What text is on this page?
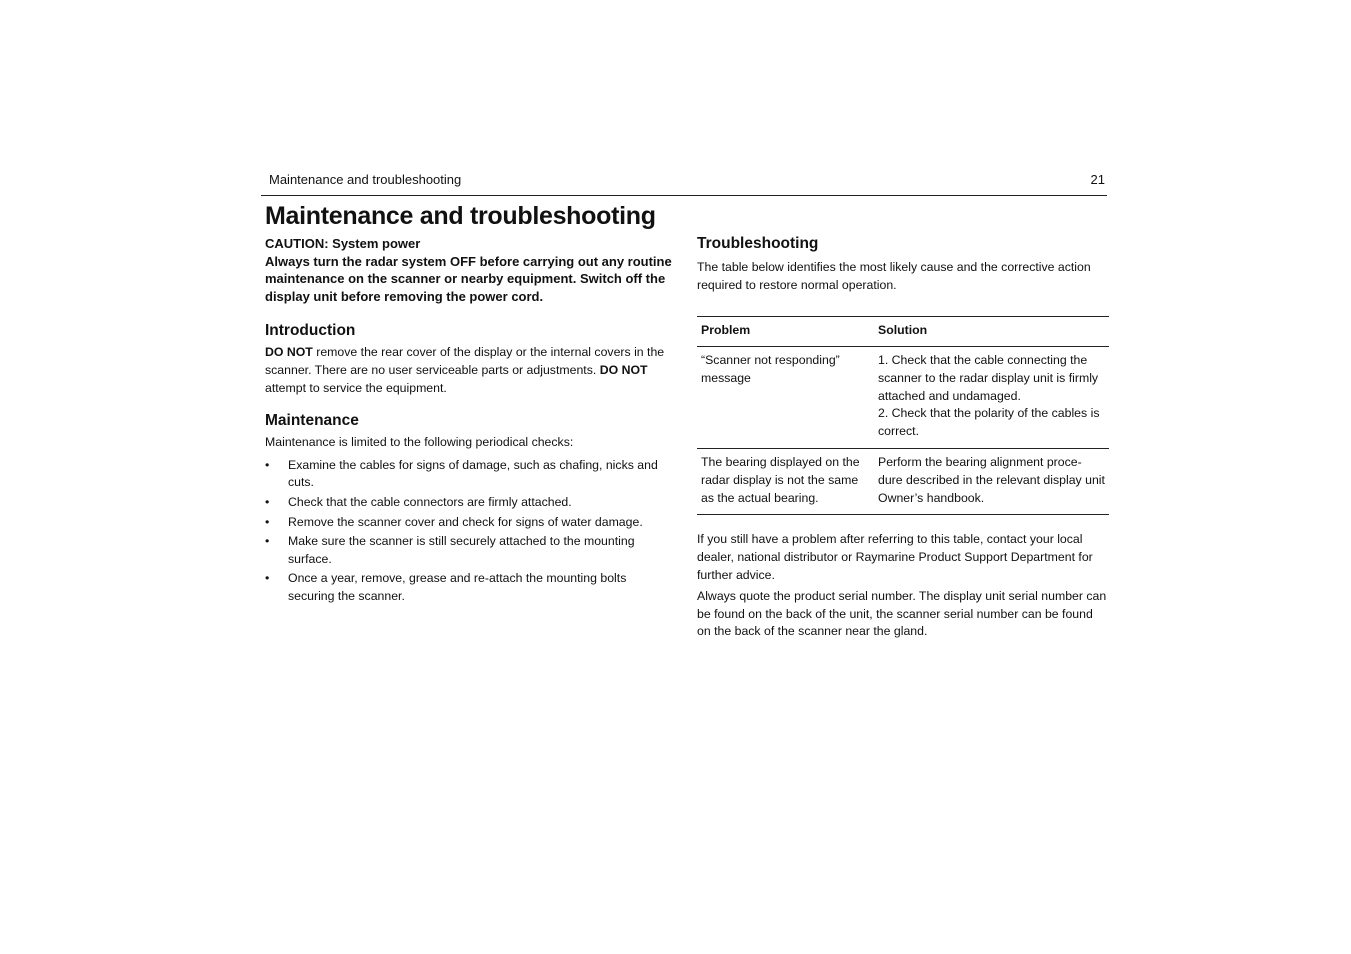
Maintenance and troubleshooting	21
Maintenance and troubleshooting
CAUTION: System power
Always turn the radar system OFF before carrying out any routine maintenance on the scanner or nearby equipment. Switch off the display unit before removing the power cord.
Introduction

DO NOT remove the rear cover of the display or the internal covers in the scanner. There are no user serviceable parts or adjustments. DO NOT attempt to service the equipment.

Maintenance

Maintenance is limited to the following periodical checks:

• Examine the cables for signs of damage, such as chafing, nicks and cuts.
• Check that the cable connectors are firmly attached.
• Remove the scanner cover and check for signs of water damage.
• Make sure the scanner is still securely attached to the mounting surface.
• Once a year, remove, grease and re-attach the mounting bolts securing the scanner.
Troubleshooting

The table below identifies the most likely cause and the corrective action required to restore normal operation.

Problem	Solution
“Scanner not responding” message	1. Check that the cable connecting the scanner to the radar display unit is firmly attached and undamaged.
2. Check that the polarity of the cables is correct.

The bearing displayed on the radar display is not the same as the actual bearing.	Perform the bearing alignment proce-dure described in the relevant display unit Owner’s handbook.

If you still have a problem after referring to this table, contact your local dealer, national distributor or Raymarine Product Support Department for further advice.

Always quote the product serial number. The display unit serial number can be found on the back of the unit, the scanner serial number can be found on the back of the scanner near the gland.
